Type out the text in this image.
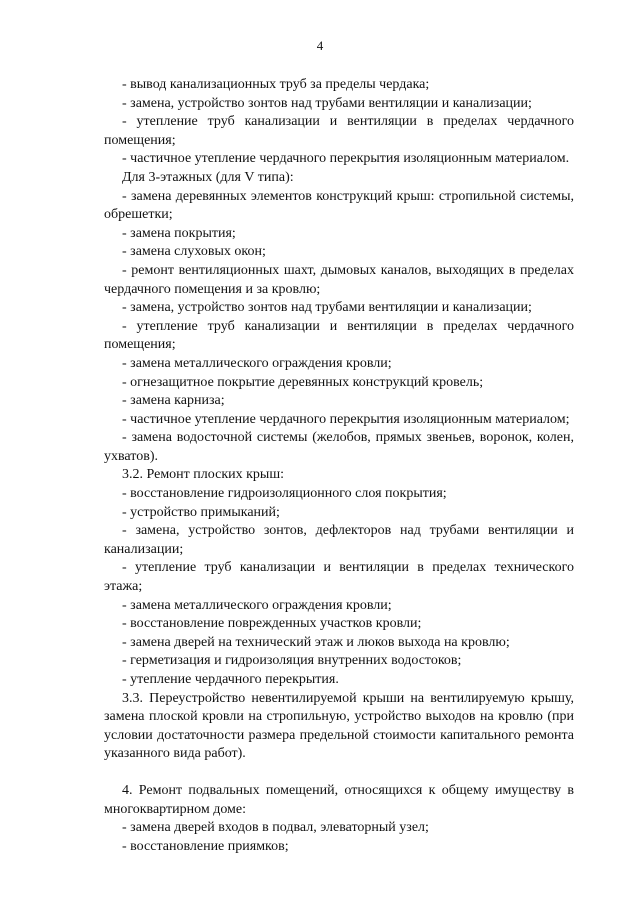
4

- вывод канализационных труб за пределы чердака;

- замена, устройство зонтов над трубами вентиляции и канализации;

- утепление труб канализации и вентиляции в пределах чердачного помещения;

- частичное утепление чердачного перекрытия изоляционным материалом.

Для 3-этажных (для V типа):

- замена деревянных элементов конструкций крыш: стропильной системы, обрешетки;

- замена покрытия;

- замена слуховых окон;

- ремонт вентиляционных шахт, дымовых каналов, выходящих в пределах чердачного помещения и за кровлю;

- замена, устройство зонтов над трубами вентиляции и канализации;

- утепление труб канализации и вентиляции в пределах чердачного помещения;

- замена металлического ограждения кровли;

- огнезащитное покрытие деревянных конструкций кровель;

- замена карниза;

- частичное утепление чердачного перекрытия изоляционным материалом;

- замена водосточной системы (желобов, прямых звеньев, воронок, колен, ухватов).

3.2. Ремонт плоских крыш:

- восстановление гидроизоляционного слоя покрытия;

- устройство примыканий;

- замена, устройство зонтов, дефлекторов над трубами вентиляции и канализации;

- утепление труб канализации и вентиляции в пределах технического этажа;

- замена металлического ограждения кровли;

- восстановление поврежденных участков кровли;

- замена дверей на технический этаж и люков выхода на кровлю;

- герметизация и гидроизоляция внутренних водостоков;

- утепление чердачного перекрытия.

3.3. Переустройство невентилируемой крыши на вентилируемую крышу, замена плоской кровли на стропильную, устройство выходов на кровлю (при условии достаточности размера предельной стоимости капитального ремонта указанного вида работ).

4. Ремонт подвальных помещений, относящихся к общему имуществу в многоквартирном доме:

- замена дверей входов в подвал, элеваторный узел;

- восстановление приямков;
